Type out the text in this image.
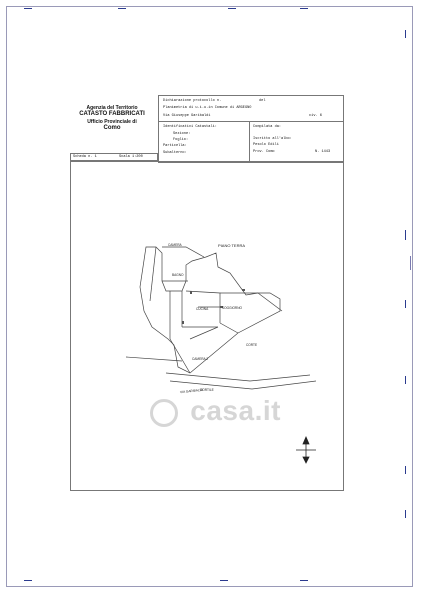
Agenzia del Territorio
CATASTO FABBRICATI
Ufficio Provinciale di
Como
Dichiarazione protocollo n.	del
Planimetria di u.i.u.in Comune di ARGEGNO
Via Giuseppe Garibaldi	civ. 6
Identificativi Catastali:
Sezione:
Foglio:
Particella:
Subalterno:
Compilata da:
Iscritto all'albo:
Pesolo Edili
Prov. Como	N. 1443
Scheda n. 1	Scala 1:200
PIANO TERRA
CAMERA
BAGNO
CUCINA	SOGGIORNO
CAMERA 2
CORTE
CORTILE
VIA GARIBALDI
casa.it
